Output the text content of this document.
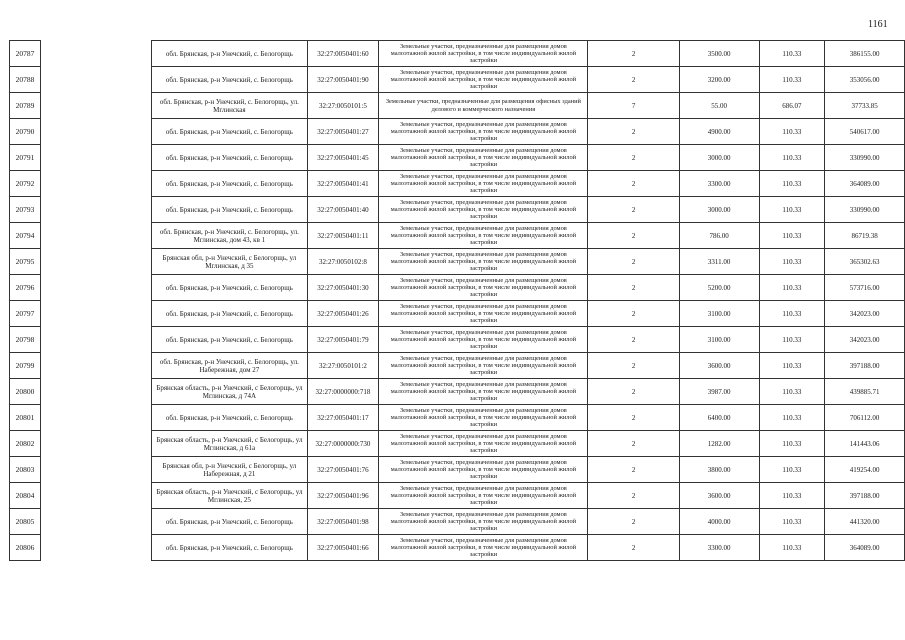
1161
20787		обл. Брянская, р-н Унечский, с. Белогорщь	32:27:0050401:60	Земельные участки, предназначенные для размещения домов малоэтажной жилой застройки, в том числе индивидуальной жилой застройки	2	3500.00	110.33	386155.00
20788		обл. Брянская, р-н Унечский, с. Белогорщь	32:27:0050401:90	Земельные участки, предназначенные для размещения домов малоэтажной жилой застройки, в том числе индивидуальной жилой застройки	2	3200.00	110.33	353056.00
20789		обл. Брянская, р-н Унечский, с. Белогорщь, ул. Мглинская	32:27:0050101:5	Земельные участки, предназначенные для размещения офисных зданий делового и коммерческого назначения	7	55.00	686.07	37733.85
20790		обл. Брянская, р-н Унечский, с. Белогорщь	32:27:0050401:27	Земельные участки, предназначенные для размещения домов малоэтажной жилой застройки, в том числе индивидуальной жилой застройки	2	4900.00	110.33	540617.00
20791		обл. Брянская, р-н Унечский, с. Белогорщь	32:27:0050401:45	Земельные участки, предназначенные для размещения домов малоэтажной жилой застройки, в том числе индивидуальной жилой застройки	2	3000.00	110.33	330990.00
20792		обл. Брянская, р-н Унечский, с. Белогорщь	32:27:0050401:41	Земельные участки, предназначенные для размещения домов малоэтажной жилой застройки, в том числе индивидуальной жилой застройки	2	3300.00	110.33	364089.00
20793		обл. Брянская, р-н Унечский, с. Белогорщь	32:27:0050401:40	Земельные участки, предназначенные для размещения домов малоэтажной жилой застройки, в том числе индивидуальной жилой застройки	2	3000.00	110.33	330990.00
20794		обл. Брянская, р-н Унечский, с. Белогорщь, ул. Мглинская, дом 43, кв 1	32:27:0050401:11	Земельные участки, предназначенные для размещения домов малоэтажной жилой застройки, в том числе индивидуальной жилой застройки	2	786.00	110.33	86719.38
20795		Брянская обл, р-н Унечский, с Белогорщь, ул Мглинская, д 35	32:27:0050102:8	Земельные участки, предназначенные для размещения домов малоэтажной жилой застройки, в том числе индивидуальной жилой застройки	2	3311.00	110.33	365302.63
20796		обл. Брянская, р-н Унечский, с. Белогорщь	32:27:0050401:30	Земельные участки, предназначенные для размещения домов малоэтажной жилой застройки, в том числе индивидуальной жилой застройки	2	5200.00	110.33	573716.00
20797		обл. Брянская, р-н Унечский, с. Белогорщь	32:27:0050401:26	Земельные участки, предназначенные для размещения домов малоэтажной жилой застройки, в том числе индивидуальной жилой застройки	2	3100.00	110.33	342023.00
20798		обл. Брянская, р-н Унечский, с. Белогорщь	32:27:0050401:79	Земельные участки, предназначенные для размещения домов малоэтажной жилой застройки, в том числе индивидуальной жилой застройки	2	3100.00	110.33	342023.00
20799		обл. Брянская, р-н Унечский, с. Белогорщь, ул. Набережная, дом 27	32:27:0050101:2	Земельные участки, предназначенные для размещения домов малоэтажной жилой застройки, в том числе индивидуальной жилой застройки	2	3600.00	110.33	397188.00
20800		Брянская область, р-н Унечский, с Белогорщь, ул Мглинская, д 74А	32:27:0000000:718	Земельные участки, предназначенные для размещения домов малоэтажной жилой застройки, в том числе индивидуальной жилой застройки	2	3987.00	110.33	439885.71
20801		обл. Брянская, р-н Унечский, с. Белогорщь	32:27:0050401:17	Земельные участки, предназначенные для размещения домов малоэтажной жилой застройки, в том числе индивидуальной жилой застройки	2	6400.00	110.33	706112.00
20802		Брянская область, р-н Унечский, с Белогорщь, ул Мглинская, д 61а	32:27:0000000:730	Земельные участки, предназначенные для размещения домов малоэтажной жилой застройки, в том числе индивидуальной жилой застройки	2	1282.00	110.33	141443.06
20803		Брянская обл, р-н Унечский, с Белогорщь, ул Набережная, д 21	32:27:0050401:76	Земельные участки, предназначенные для размещения домов малоэтажной жилой застройки, в том числе индивидуальной жилой застройки	2	3800.00	110.33	419254.00
20804		Брянская область, р-н Унечский, с Белогорщь, ул Мглинская, 25	32:27:0050401:96	Земельные участки, предназначенные для размещения домов малоэтажной жилой застройки, в том числе индивидуальной жилой застройки	2	3600.00	110.33	397188.00
20805		обл. Брянская, р-н Унечский, с. Белогорщь	32:27:0050401:98	Земельные участки, предназначенные для размещения домов малоэтажной жилой застройки, в том числе индивидуальной жилой застройки	2	4000.00	110.33	441320.00
20806		обл. Брянская, р-н Унечский, с. Белогорщь	32:27:0050401:66	Земельные участки, предназначенные для размещения домов малоэтажной жилой застройки, в том числе индивидуальной жилой застройки	2	3300.00	110.33	364089.00
